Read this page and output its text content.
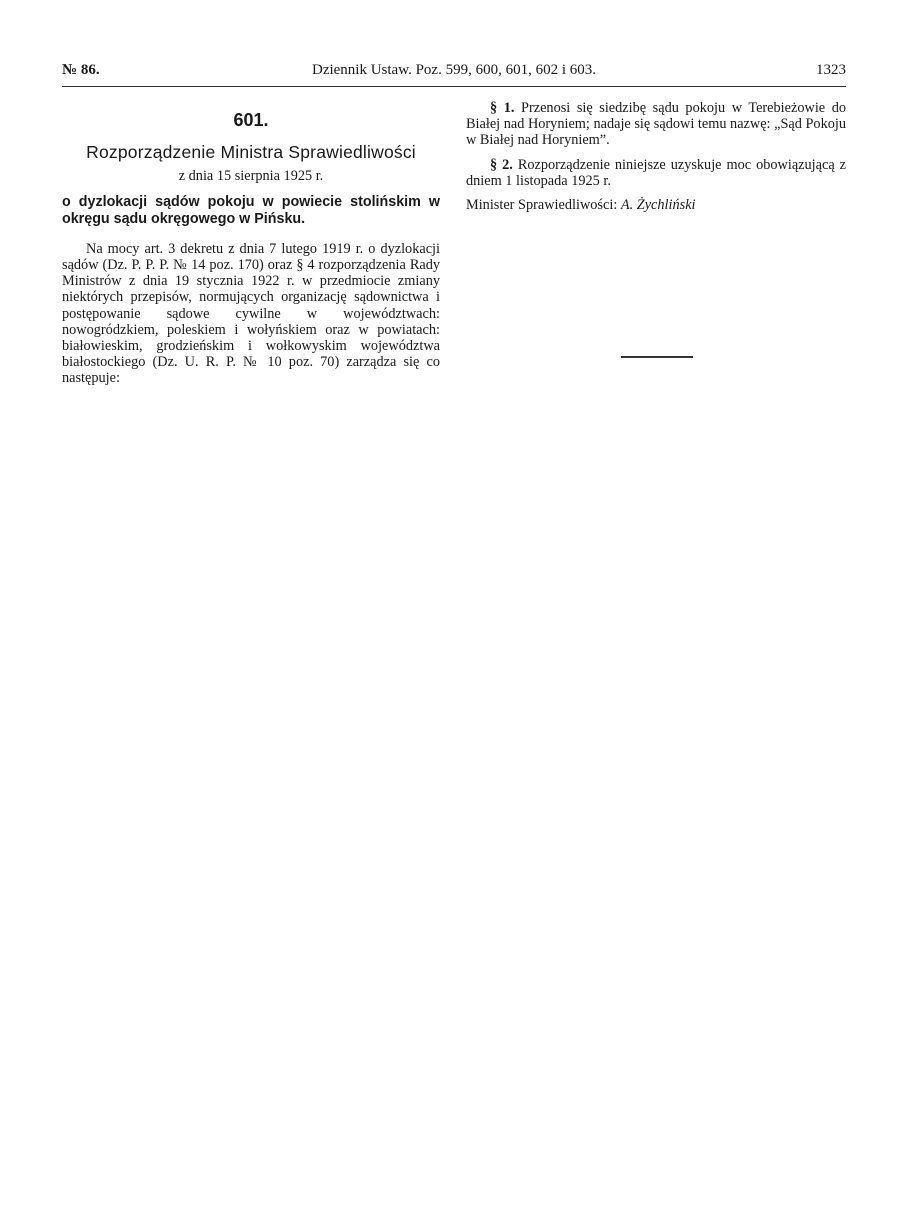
№ 86.	Dziennik Ustaw. Poz. 599, 600, 601, 602 i 603.	1323
601.
Rozporządzenie Ministra Sprawiedliwości
z dnia 15 sierpnia 1925 r.
o dyzlokacji sądów pokoju w powiecie stolińskim w okręgu sądu okręgowego w Pińsku.

Na mocy art. 3 dekretu z dnia 7 lutego 1919 r. o dyzlokacji sądów (Dz. P. P. P. № 14 poz. 170) oraz § 4 rozporządzenia Rady Ministrów z dnia 19 stycznia 1922 r. w przedmiocie zmiany niektórych przepisów, normujących organizację sądownictwa i postępowanie sądowe cywilne w województwach: nowogródzkiem, poleskiem i wołyńskiem oraz w powiatach: białowieskim, grodzieńskim i wołkowyskim województwa białostockiego (Dz. U. R. P. № 10 poz. 70) zarządza się co następuje:

§ 1. Przenosi się siedzibę sądu pokoju w Terebieżowie do Białej nad Horyniem; nadaje się sądowi temu nazwę: „Sąd Pokoju w Białej nad Horyniem”.

§ 2. Rozporządzenie niniejsze uzyskuje moc obowiązującą z dniem 1 listopada 1925 r.

Minister Sprawiedliwości: A. Żychliński
